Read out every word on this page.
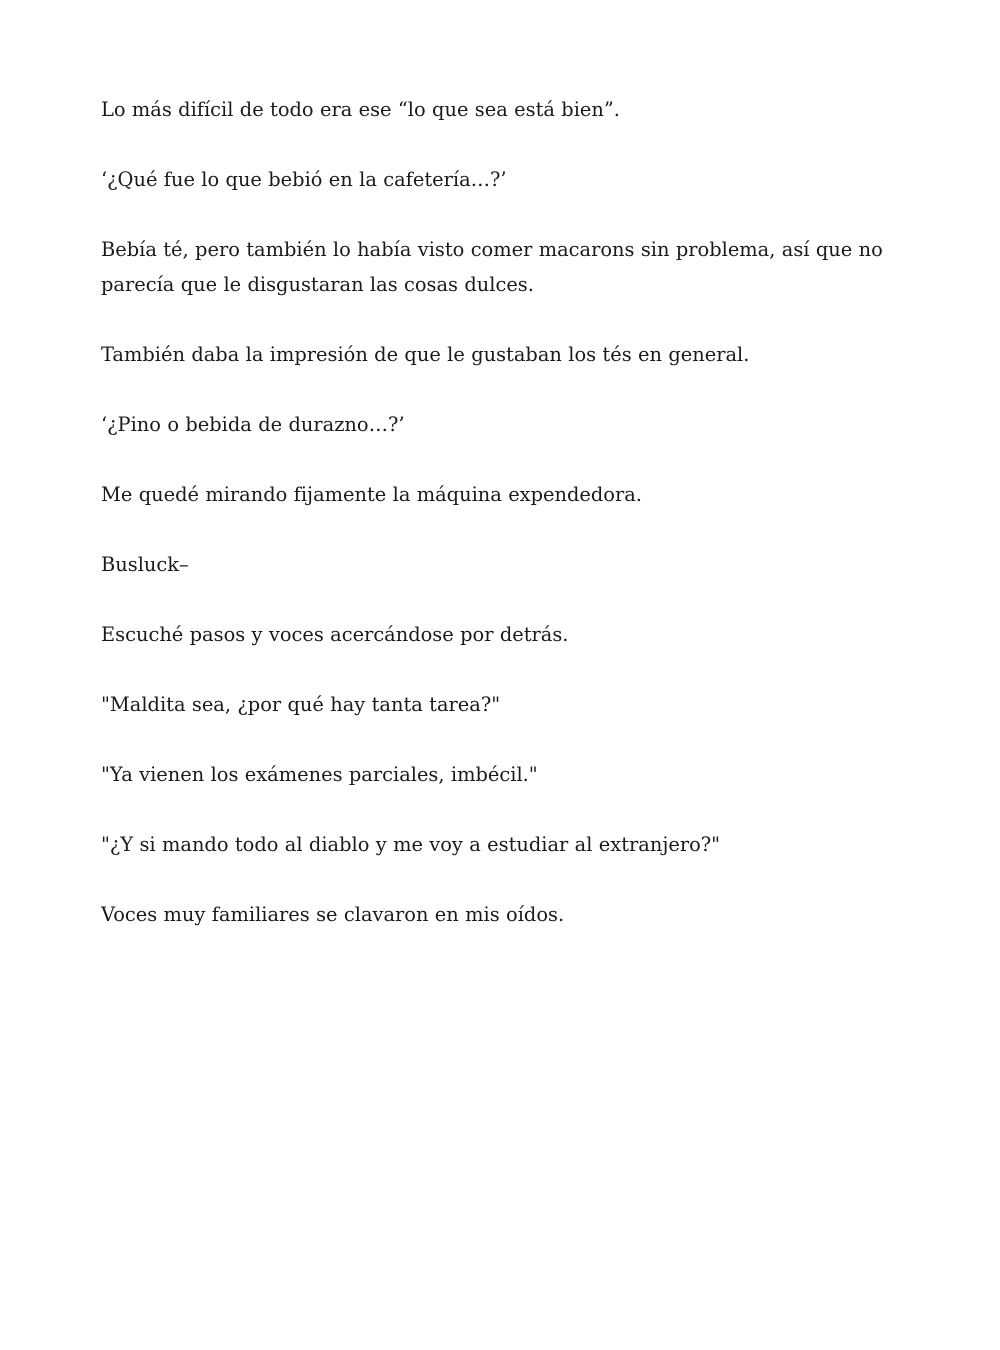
Lo más difícil de todo era ese “lo que sea está bien”.

‘¿Qué fue lo que bebió en la cafetería…?’

Bebía té, pero también lo había visto comer macarons sin problema, así que no parecía que le disgustaran las cosas dulces.

También daba la impresión de que le gustaban los tés en general.

‘¿Pino o bebida de durazno…?’

Me quedé mirando fijamente la máquina expendedora.

Busluck–

Escuché pasos y voces acercándose por detrás.

"Maldita sea, ¿por qué hay tanta tarea?"

"Ya vienen los exámenes parciales, imbécil."

"¿Y si mando todo al diablo y me voy a estudiar al extranjero?"

Voces muy familiares se clavaron en mis oídos.
